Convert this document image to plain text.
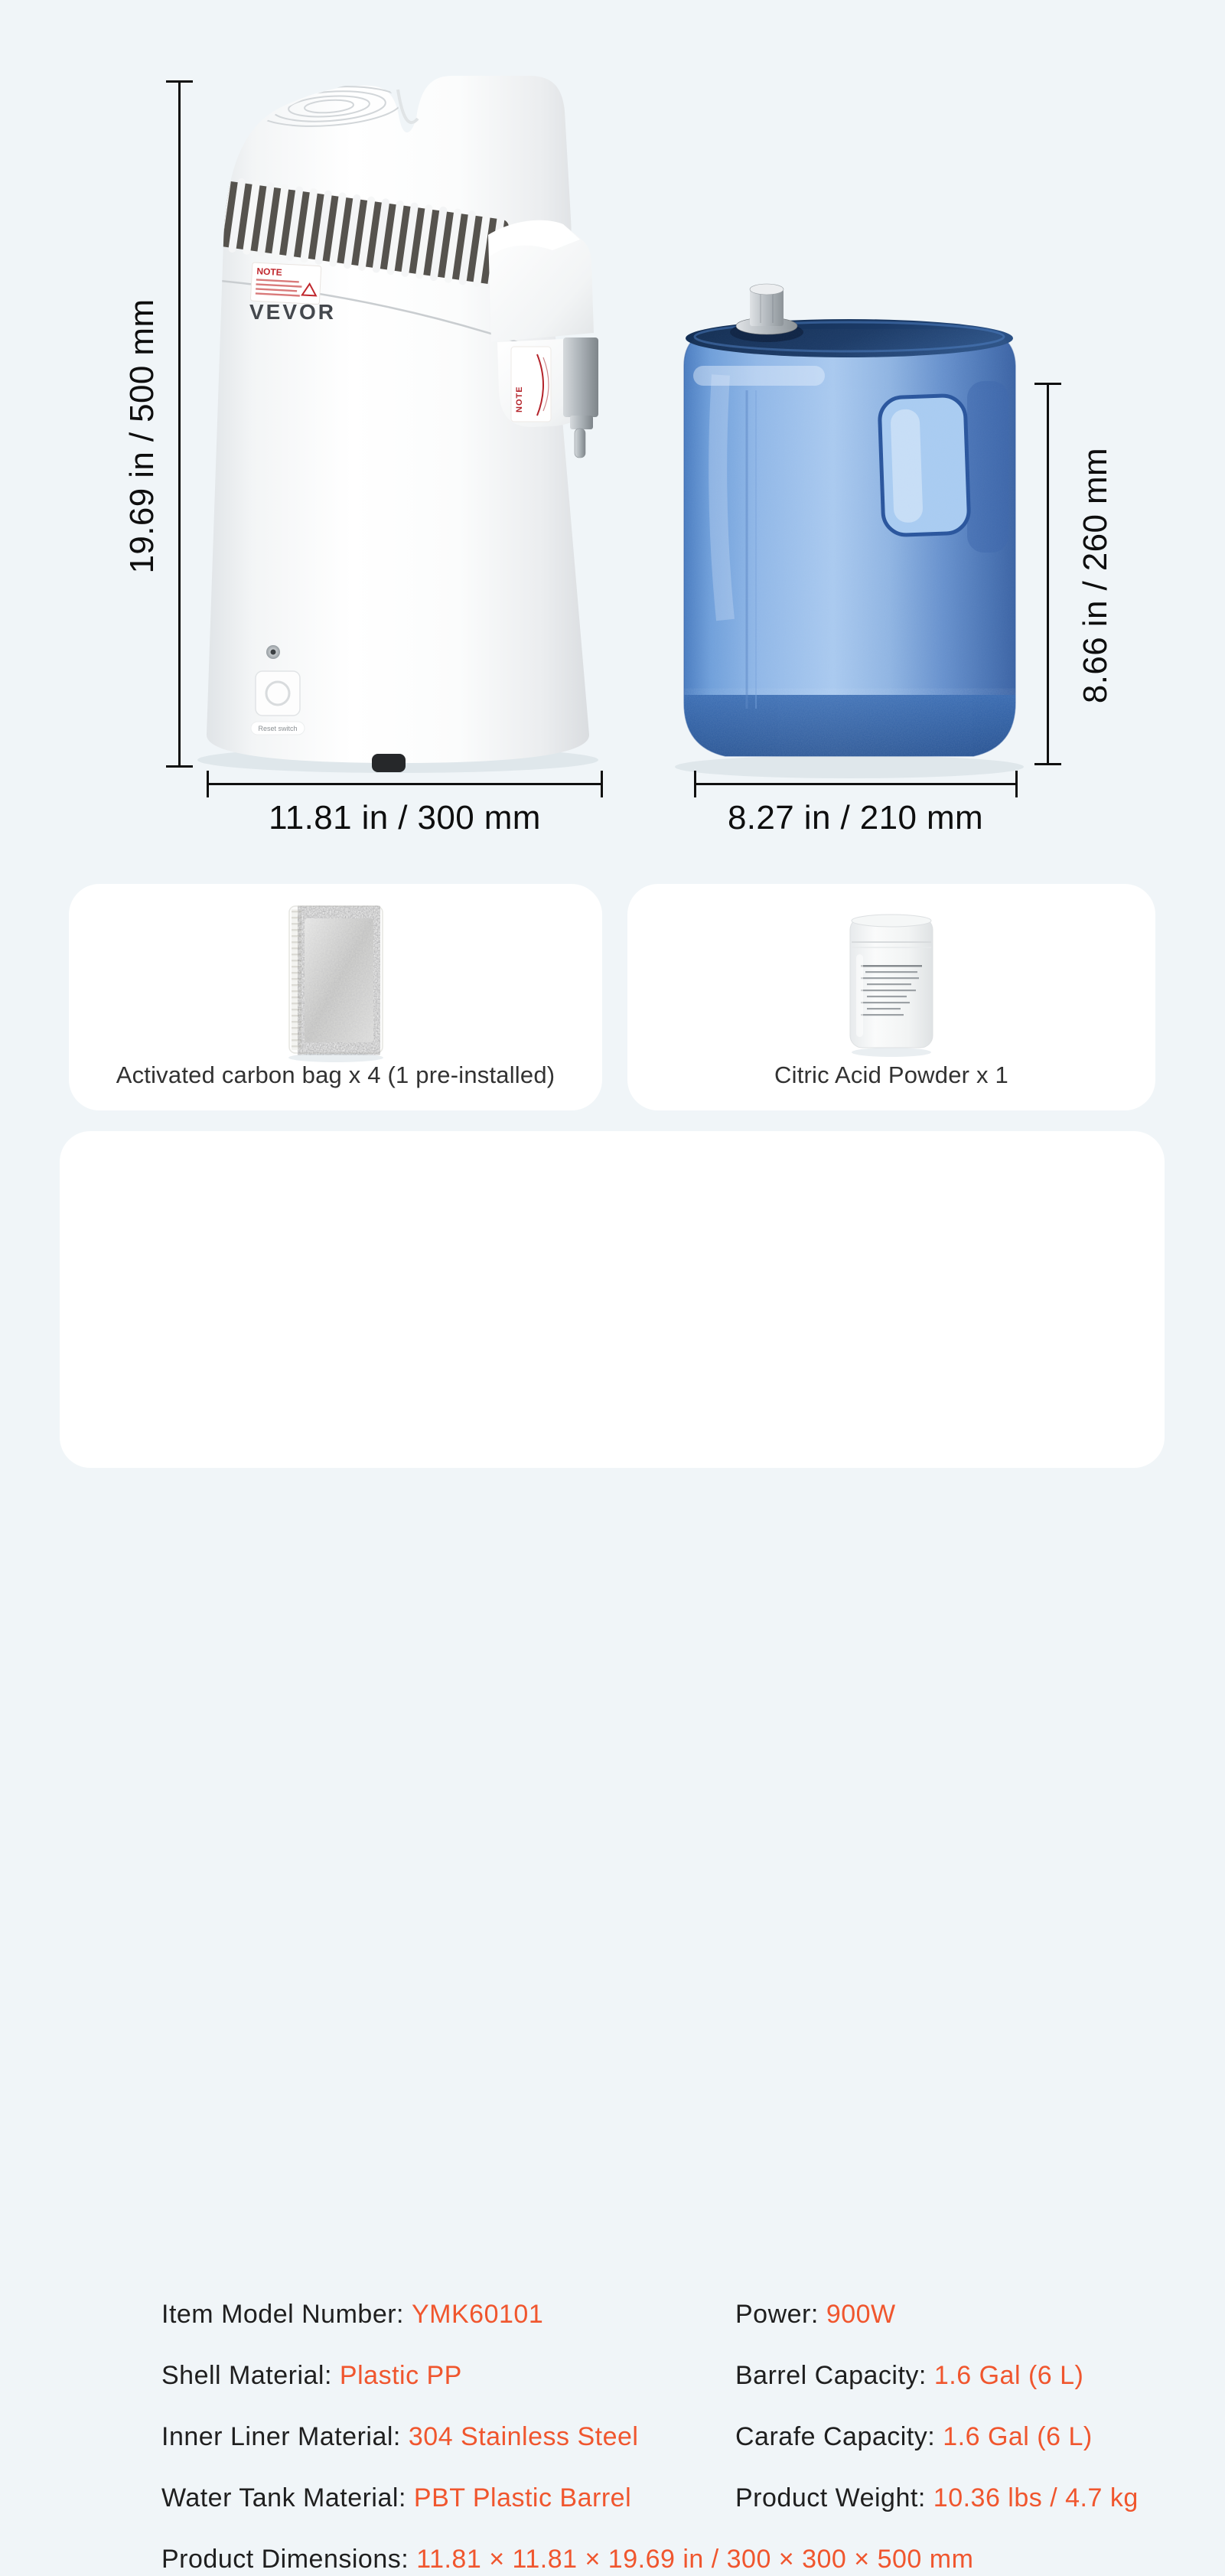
NOTE
VEVOR
NOTE
Reset switch
19.69 in / 500 mm
11.81 in / 300 mm	8.27 in / 210 mm
8.66 in / 260 mm
Activated carbon bag x 4 (1 pre-installed)	Citric Acid Powder x 1
Item Model Number: YMK60101	Power: 900W
Shell Material: Plastic PP	Barrel Capacity: 1.6 Gal (6 L)
Inner Liner Material: 304 Stainless Steel	Carafe Capacity: 1.6 Gal (6 L)
Water Tank Material: PBT Plastic Barrel	Product Weight: 10.36 lbs / 4.7 kg
Product Dimensions: 11.81 × 11.81 × 19.69 in / 300 × 300 × 500 mm
